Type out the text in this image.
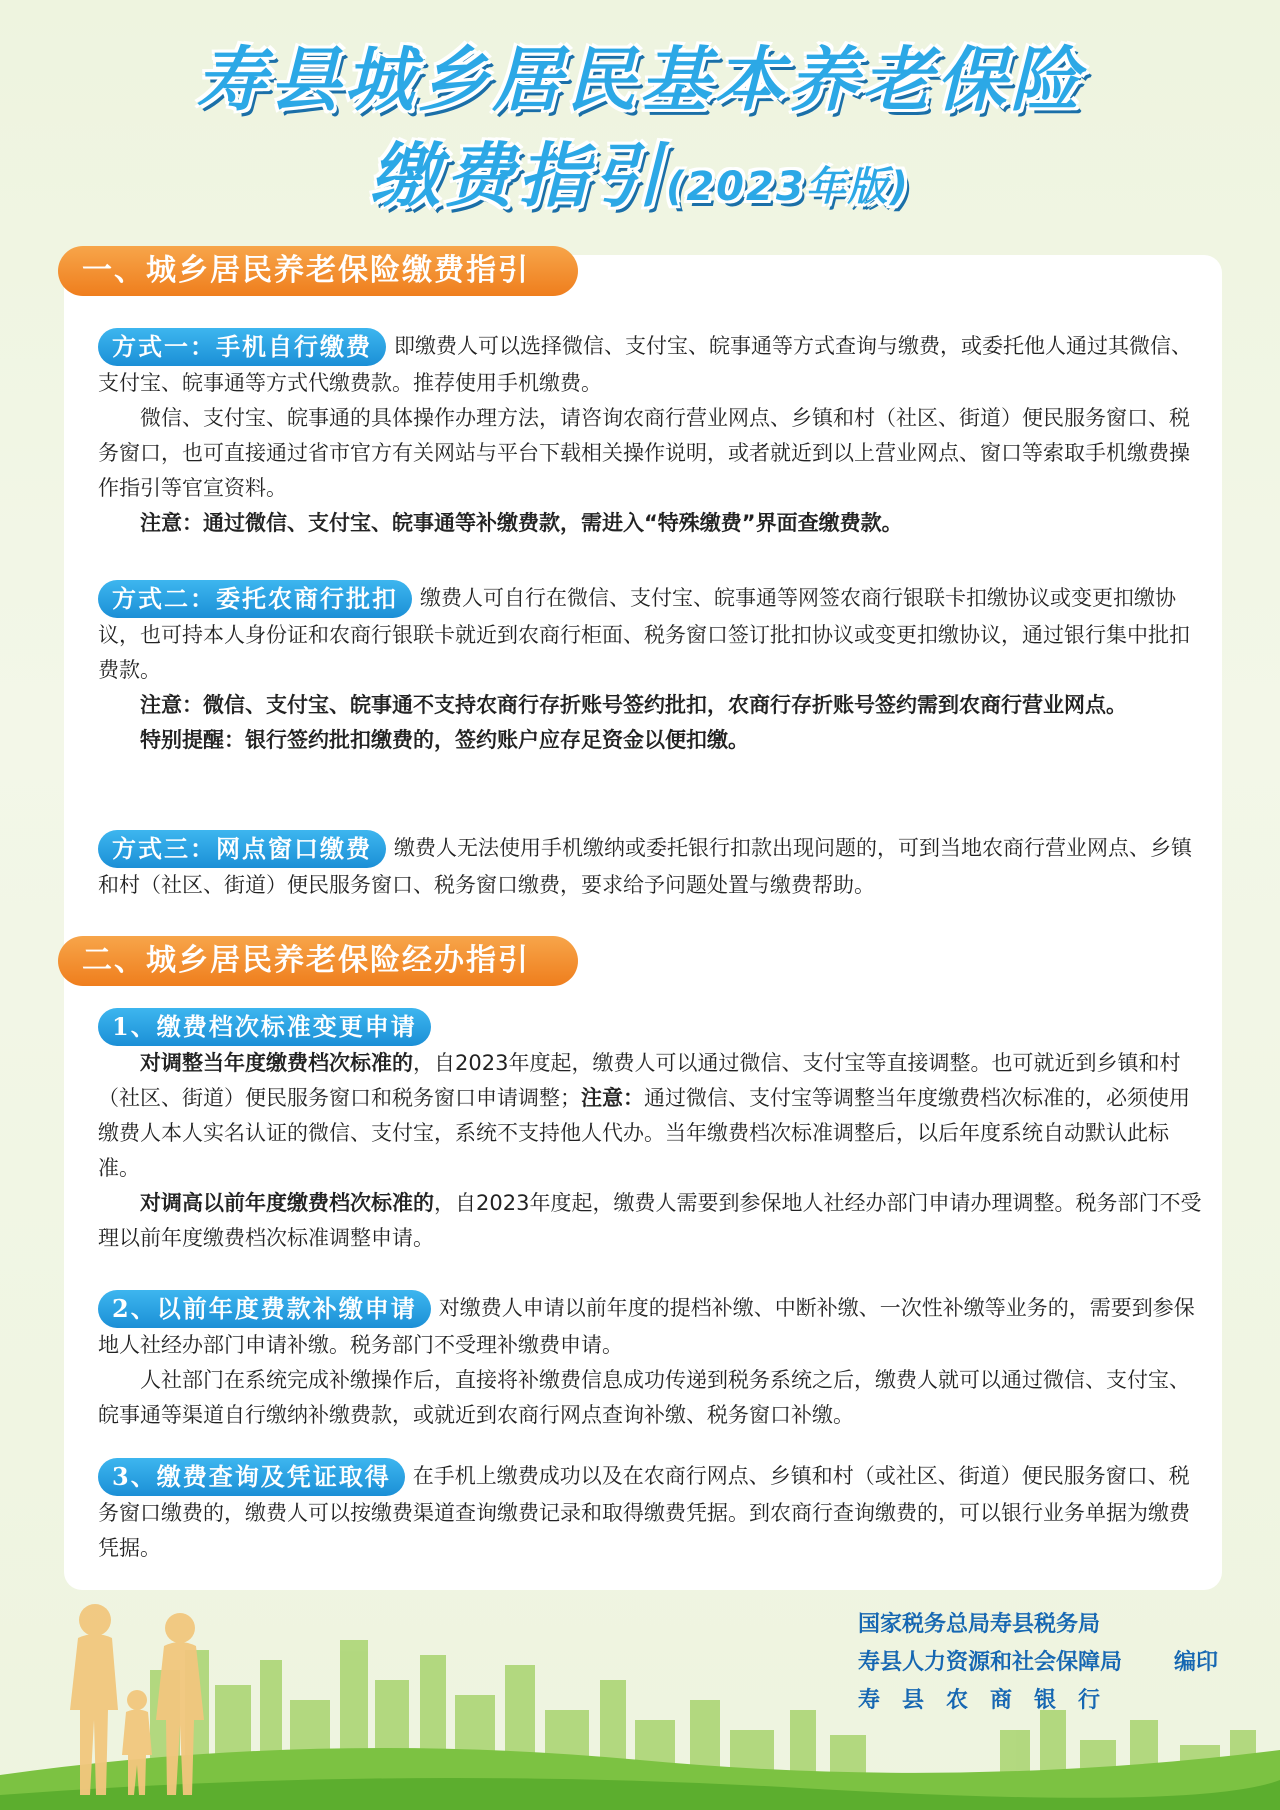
寿县城乡居民基本养老保险
缴费指引(2023年版)
一、城乡居民养老保险缴费指引

方式一：手机自行缴费 即缴费人可以选择微信、支付宝、皖事通等方式查询与缴费，或委托他人通过其微信、支付宝、皖事通等方式代缴费款。推荐使用手机缴费。

微信、支付宝、皖事通的具体操作办理方法，请咨询农商行营业网点、乡镇和村（社区、街道）便民服务窗口、税务窗口，也可直接通过省市官方有关网站与平台下载相关操作说明，或者就近到以上营业网点、窗口等索取手机缴费操作指引等官宣资料。

注意：通过微信、支付宝、皖事通等补缴费款，需进入“特殊缴费”界面查缴费款。

方式二：委托农商行批扣 缴费人可自行在微信、支付宝、皖事通等网签农商行银联卡扣缴协议或变更扣缴协议，也可持本人身份证和农商行银联卡就近到农商行柜面、税务窗口签订批扣协议或变更扣缴协议，通过银行集中批扣费款。

注意：微信、支付宝、皖事通不支持农商行存折账号签约批扣，农商行存折账号签约需到农商行营业网点。

特别提醒：银行签约批扣缴费的，签约账户应存足资金以便扣缴。

方式三：网点窗口缴费 缴费人无法使用手机缴纳或委托银行扣款出现问题的，可到当地农商行营业网点、乡镇和村（社区、街道）便民服务窗口、税务窗口缴费，要求给予问题处置与缴费帮助。

二、城乡居民养老保险经办指引

1、缴费档次标准变更申请

对调整当年度缴费档次标准的，自2023年度起，缴费人可以通过微信、支付宝等直接调整。也可就近到乡镇和村（社区、街道）便民服务窗口和税务窗口申请调整；注意：通过微信、支付宝等调整当年度缴费档次标准的，必须使用缴费人本人实名认证的微信、支付宝，系统不支持他人代办。当年缴费档次标准调整后，以后年度系统自动默认此标准。

对调高以前年度缴费档次标准的，自2023年度起，缴费人需要到参保地人社经办部门申请办理调整。税务部门不受理以前年度缴费档次标准调整申请。

2、以前年度费款补缴申请 对缴费人申请以前年度的提档补缴、中断补缴、一次性补缴等业务的，需要到参保地人社经办部门申请补缴。税务部门不受理补缴费申请。

人社部门在系统完成补缴操作后，直接将补缴费信息成功传递到税务系统之后，缴费人就可以通过微信、支付宝、皖事通等渠道自行缴纳补缴费款，或就近到农商行网点查询补缴、税务窗口补缴。

3、缴费查询及凭证取得 在手机上缴费成功以及在农商行网点、乡镇和村（或社区、街道）便民服务窗口、税务窗口缴费的，缴费人可以按缴费渠道查询缴费记录和取得缴费凭据。到农商行查询缴费的，可以银行业务单据为缴费凭据。

国家税务总局寿县税务局
寿县人力资源和社会保障局
寿　县　农　商　银　行
编印
